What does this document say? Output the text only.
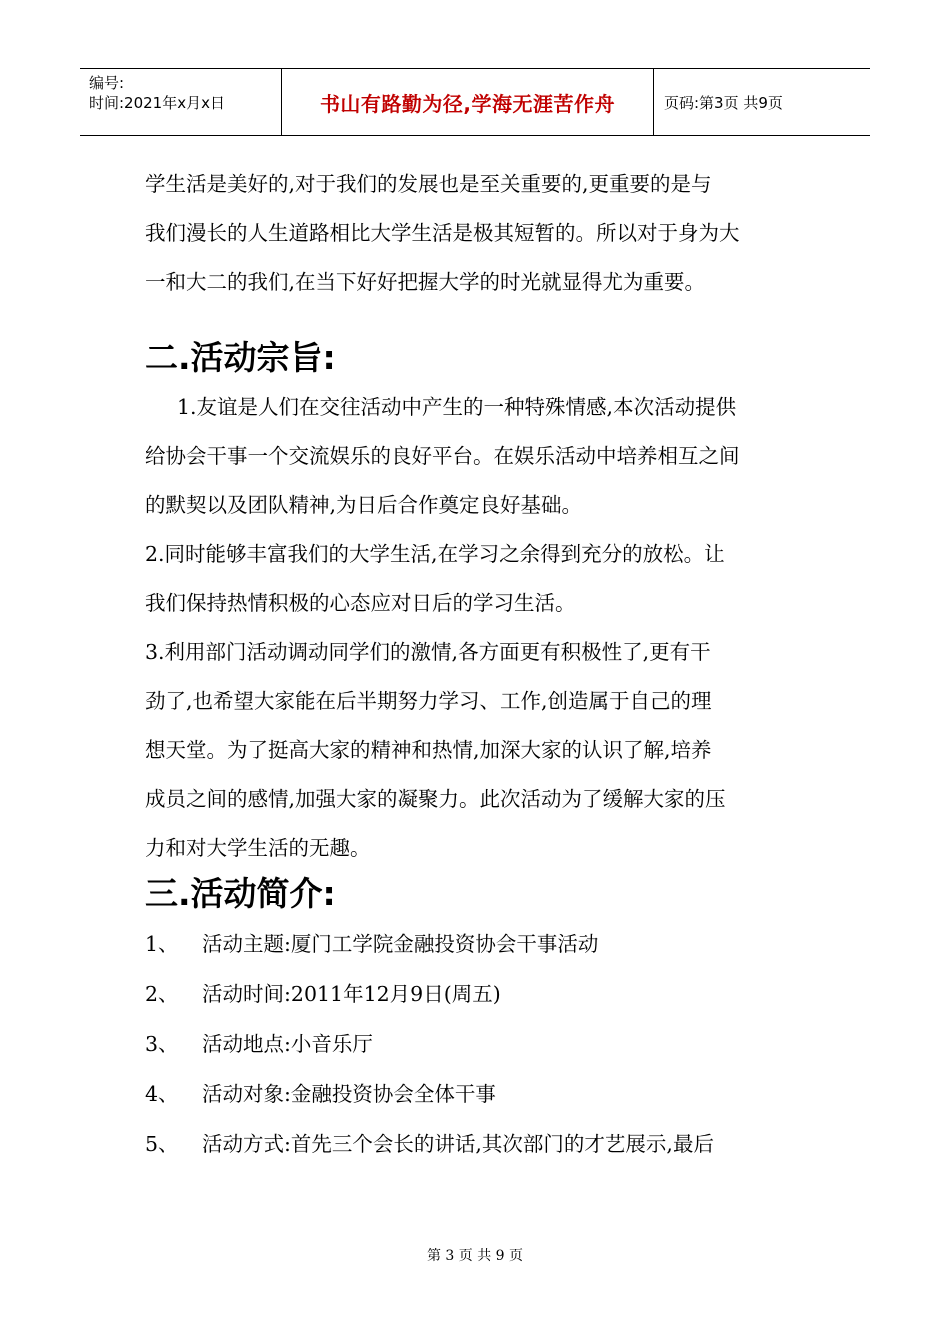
编号:
时间:2021年x月x日	书山有路勤为径,学海无涯苦作舟	页码:第3页 共9页

学生活是美好的,对于我们的发展也是至关重要的,更重要的是与

我们漫长的人生道路相比大学生活是极其短暂的。所以对于身为大

一和大二的我们,在当下好好把握大学的时光就显得尤为重要。

二.活动宗旨:

1.友谊是人们在交往活动中产生的一种特殊情感,本次活动提供

给协会干事一个交流娱乐的良好平台。在娱乐活动中培养相互之间

的默契以及团队精神,为日后合作奠定良好基础。

2.同时能够丰富我们的大学生活,在学习之余得到充分的放松。让

我们保持热情积极的心态应对日后的学习生活。

3.利用部门活动调动同学们的激情,各方面更有积极性了,更有干

劲了,也希望大家能在后半期努力学习、工作,创造属于自己的理

想天堂。为了挺高大家的精神和热情,加深大家的认识了解,培养

成员之间的感情,加强大家的凝聚力。此次活动为了缓解大家的压

力和对大学生活的无趣。

三.活动简介:
1、	活动主题:厦门工学院金融投资协会干事活动
2、	活动时间:2011年12月9日(周五)
3、	活动地点:小音乐厅
4、	活动对象:金融投资协会全体干事
5、	活动方式:首先三个会长的讲话,其次部门的才艺展示,最后
第 3 页 共 9 页
